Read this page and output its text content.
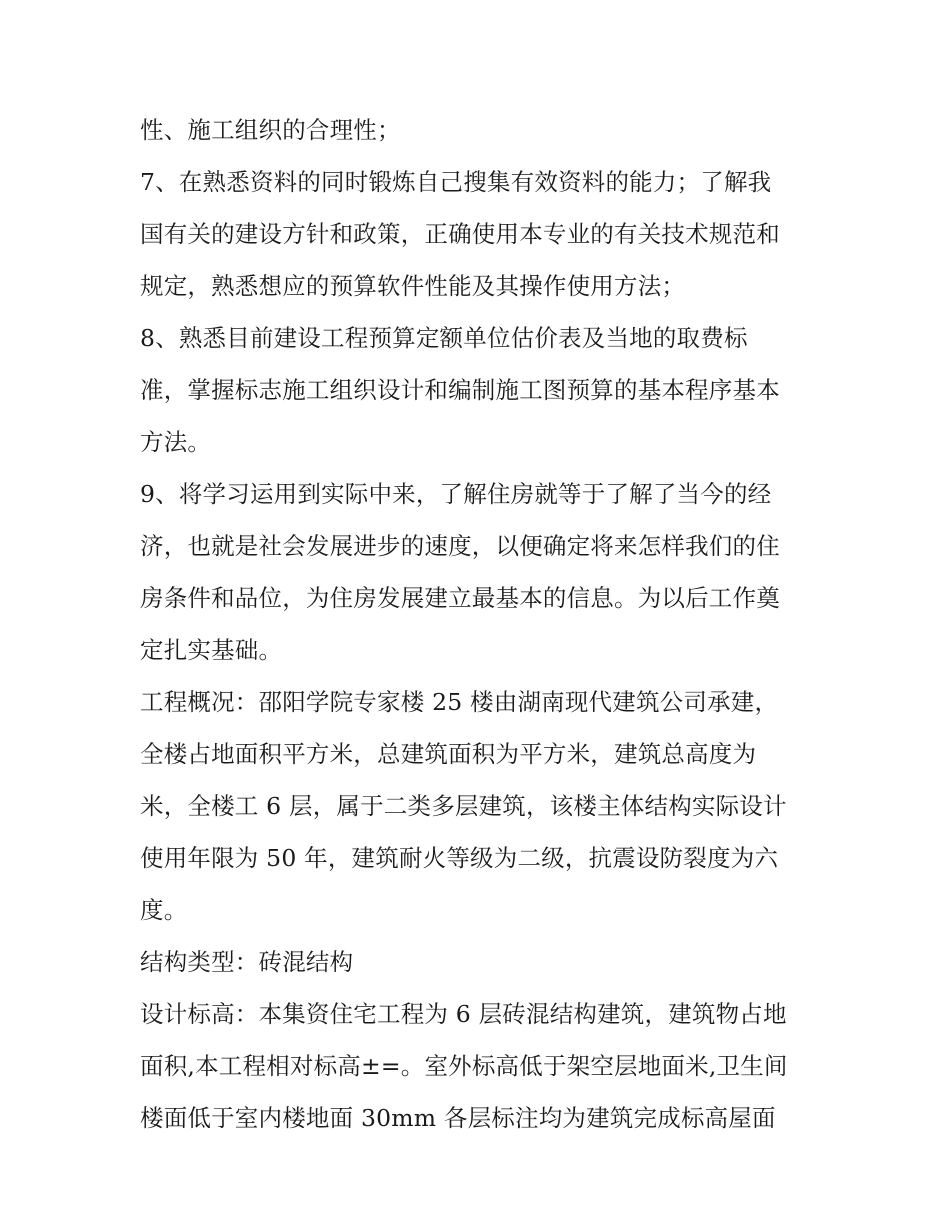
性、施工组织的合理性；
7、在熟悉资料的同时锻炼自己搜集有效资料的能力；了解我
国有关的建设方针和政策，正确使用本专业的有关技术规范和
规定，熟悉想应的预算软件性能及其操作使用方法；
8、熟悉目前建设工程预算定额单位估价表及当地的取费标
准，掌握标志施工组织设计和编制施工图预算的基本程序基本
方法。
9、将学习运用到实际中来，了解住房就等于了解了当今的经
济，也就是社会发展进步的速度，以便确定将来怎样我们的住
房条件和品位，为住房发展建立最基本的信息。为以后工作奠
定扎实基础。
工程概况：邵阳学院专家楼 25 楼由湖南现代建筑公司承建，
全楼占地面积平方米，总建筑面积为平方米，建筑总高度为
米，全楼工 6 层，属于二类多层建筑，该楼主体结构实际设计
使用年限为 50 年，建筑耐火等级为二级，抗震设防裂度为六
度。
结构类型：砖混结构
设计标高：本集资住宅工程为 6 层砖混结构建筑，建筑物占地
面积,本工程相对标高±=。室外标高低于架空层地面米,卫生间
楼面低于室内楼地面 30mm 各层标注均为建筑完成标高屋面
